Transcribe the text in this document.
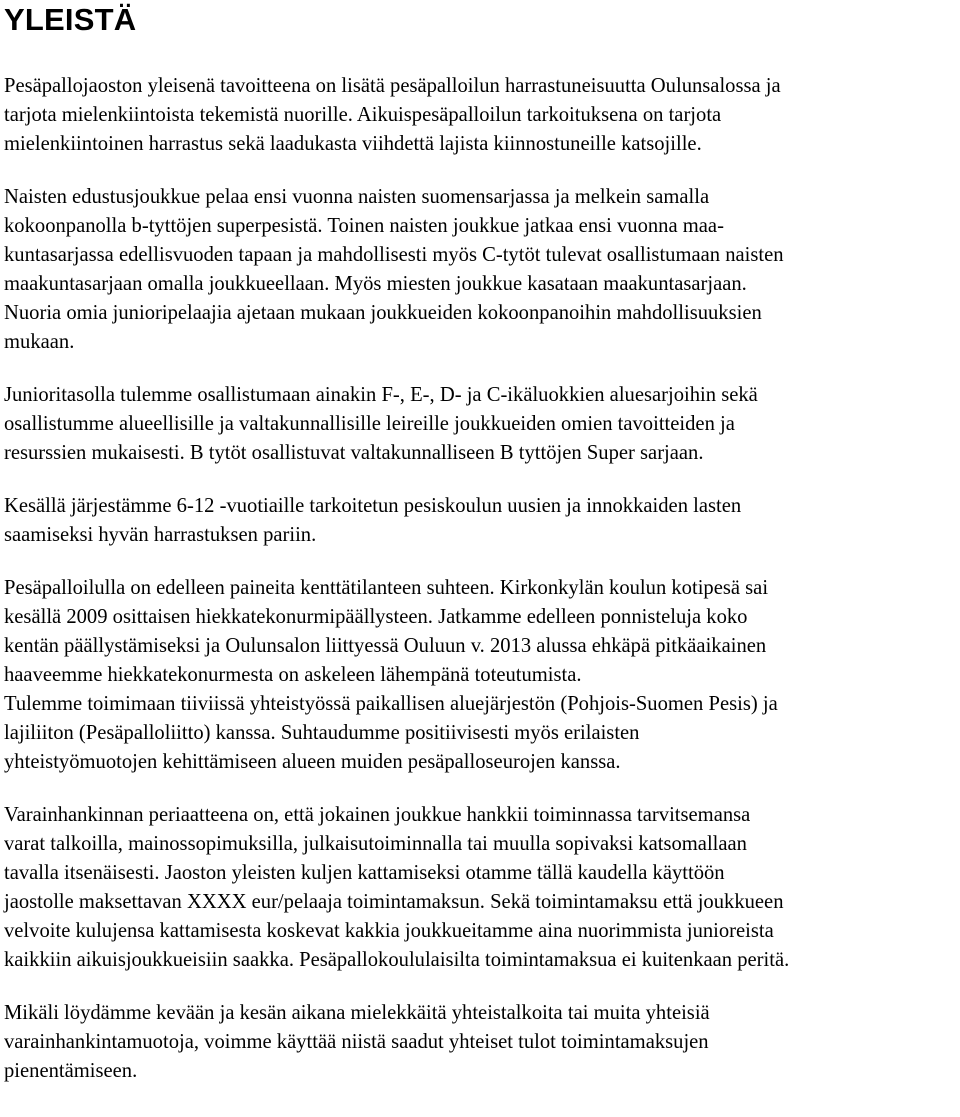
YLEISTÄ

Pesäpallojaoston yleisenä tavoitteena on lisätä pesäpalloilun harrastuneisuutta Oulunsalossa ja
tarjota mielenkiintoista tekemistä nuorille. Aikuispesäpalloilun tarkoituksena on tarjota
mielenkiintoinen harrastus sekä laadukasta viihdettä lajista kiinnostuneille katsojille.

Naisten edustusjoukkue pelaa ensi vuonna naisten suomensarjassa ja melkein samalla
kokoonpanolla b-tyttöjen superpesistä. Toinen naisten joukkue jatkaa ensi vuonna maa-
kuntasarjassa edellisvuoden tapaan ja mahdollisesti myös C-tytöt tulevat osallistumaan naisten
maakuntasarjaan omalla joukkueellaan. Myös miesten joukkue kasataan maakuntasarjaan.
Nuoria omia junioripelaajia ajetaan mukaan joukkueiden kokoonpanoihin mahdollisuuksien
mukaan.

Junioritasolla tulemme osallistumaan ainakin F-, E-, D- ja C-ikäluokkien aluesarjoihin sekä
osallistumme alueellisille ja valtakunnallisille leireille joukkueiden omien tavoitteiden ja
resurssien mukaisesti. B tytöt osallistuvat valtakunnalliseen B tyttöjen Super sarjaan.

Kesällä järjestämme 6-12 -vuotiaille tarkoitetun pesiskoulun uusien ja innokkaiden lasten
saamiseksi hyvän harrastuksen pariin.

Pesäpalloilulla on edelleen paineita kenttätilanteen suhteen. Kirkonkylän koulun kotipesä sai
kesällä 2009 osittaisen hiekkatekonurmipäällysteen. Jatkamme edelleen ponnisteluja koko
kentän päällystämiseksi ja Oulunsalon liittyessä Ouluun v. 2013 alussa ehkäpä pitkäaikainen
haaveemme hiekkatekonurmesta on askeleen lähempänä toteutumista.

Tulemme toimimaan tiiviissä yhteistyössä paikallisen aluejärjestön (Pohjois-Suomen Pesis) ja
lajiliiton (Pesäpalloliitto) kanssa. Suhtaudumme positiivisesti myös erilaisten
yhteistyömuotojen kehittämiseen alueen muiden pesäpalloseurojen kanssa.

Varainhankinnan periaatteena on, että jokainen joukkue hankkii toiminnassa tarvitsemansa
varat talkoilla, mainossopimuksilla, julkaisutoiminnalla tai muulla sopivaksi katsomallaan
tavalla itsenäisesti. Jaoston yleisten kuljen kattamiseksi otamme tällä kaudella käyttöön
jaostolle maksettavan XXXX eur/pelaaja toimintamaksun. Sekä toimintamaksu että joukkueen
velvoite kulujensa kattamisesta koskevat kakkia joukkueitamme aina nuorimmista junioreista
kaikkiin aikuisjoukkueisiin saakka. Pesäpallokoululaisilta toimintamaksua ei kuitenkaan peritä.

Mikäli löydämme kevään ja kesän aikana mielekkäitä yhteistalkoita tai muita yhteisiä
varainhankintamuotoja, voimme käyttää niistä saadut yhteiset tulot toimintamaksujen
pienentämiseen.
